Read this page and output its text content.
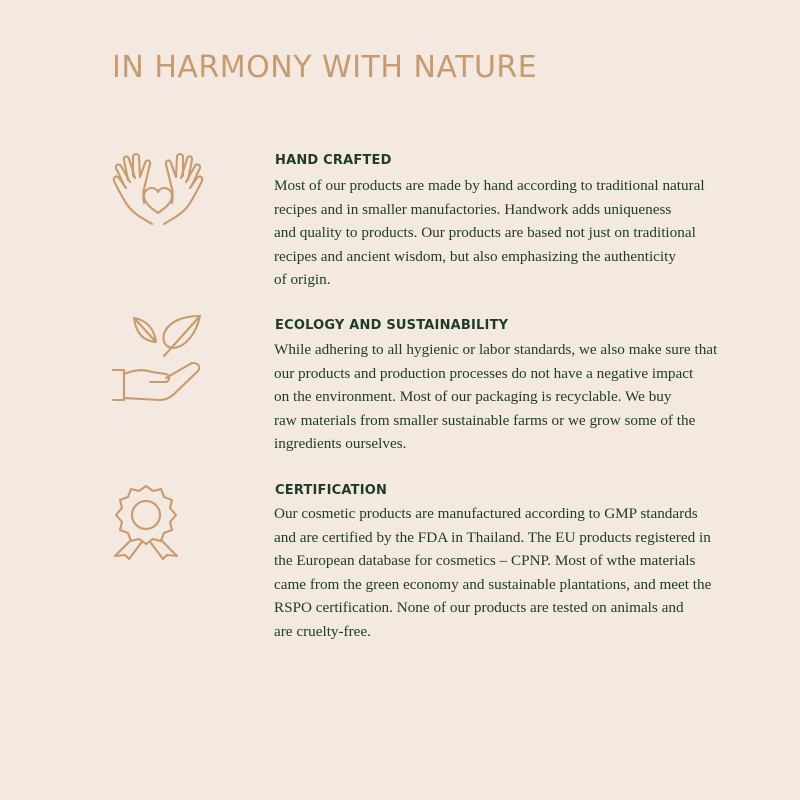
IN HARMONY WITH NATURE
HAND CRAFTED
Most of our products are made by hand according to traditional natural
recipes and in smaller manufactories. Handwork adds uniqueness
and quality to products. Our products are based not just on traditional
recipes and ancient wisdom, but also emphasizing the authenticity
of origin.
ECOLOGY AND SUSTAINABILITY
While adhering to all hygienic or labor standards, we also make sure that
our products and production processes do not have a negative impact
on the environment. Most of our packaging is recyclable. We buy
raw materials from smaller sustainable farms or we grow some of the
ingredients ourselves.
CERTIFICATION
Our cosmetic products are manufactured according to GMP standards
and are certified by the FDA in Thailand. The EU products registered in
the European database for cosmetics – CPNP. Most of wthe materials
came from the green economy and sustainable plantations, and meet the
RSPO certification. None of our products are tested on animals and
are cruelty-free.
